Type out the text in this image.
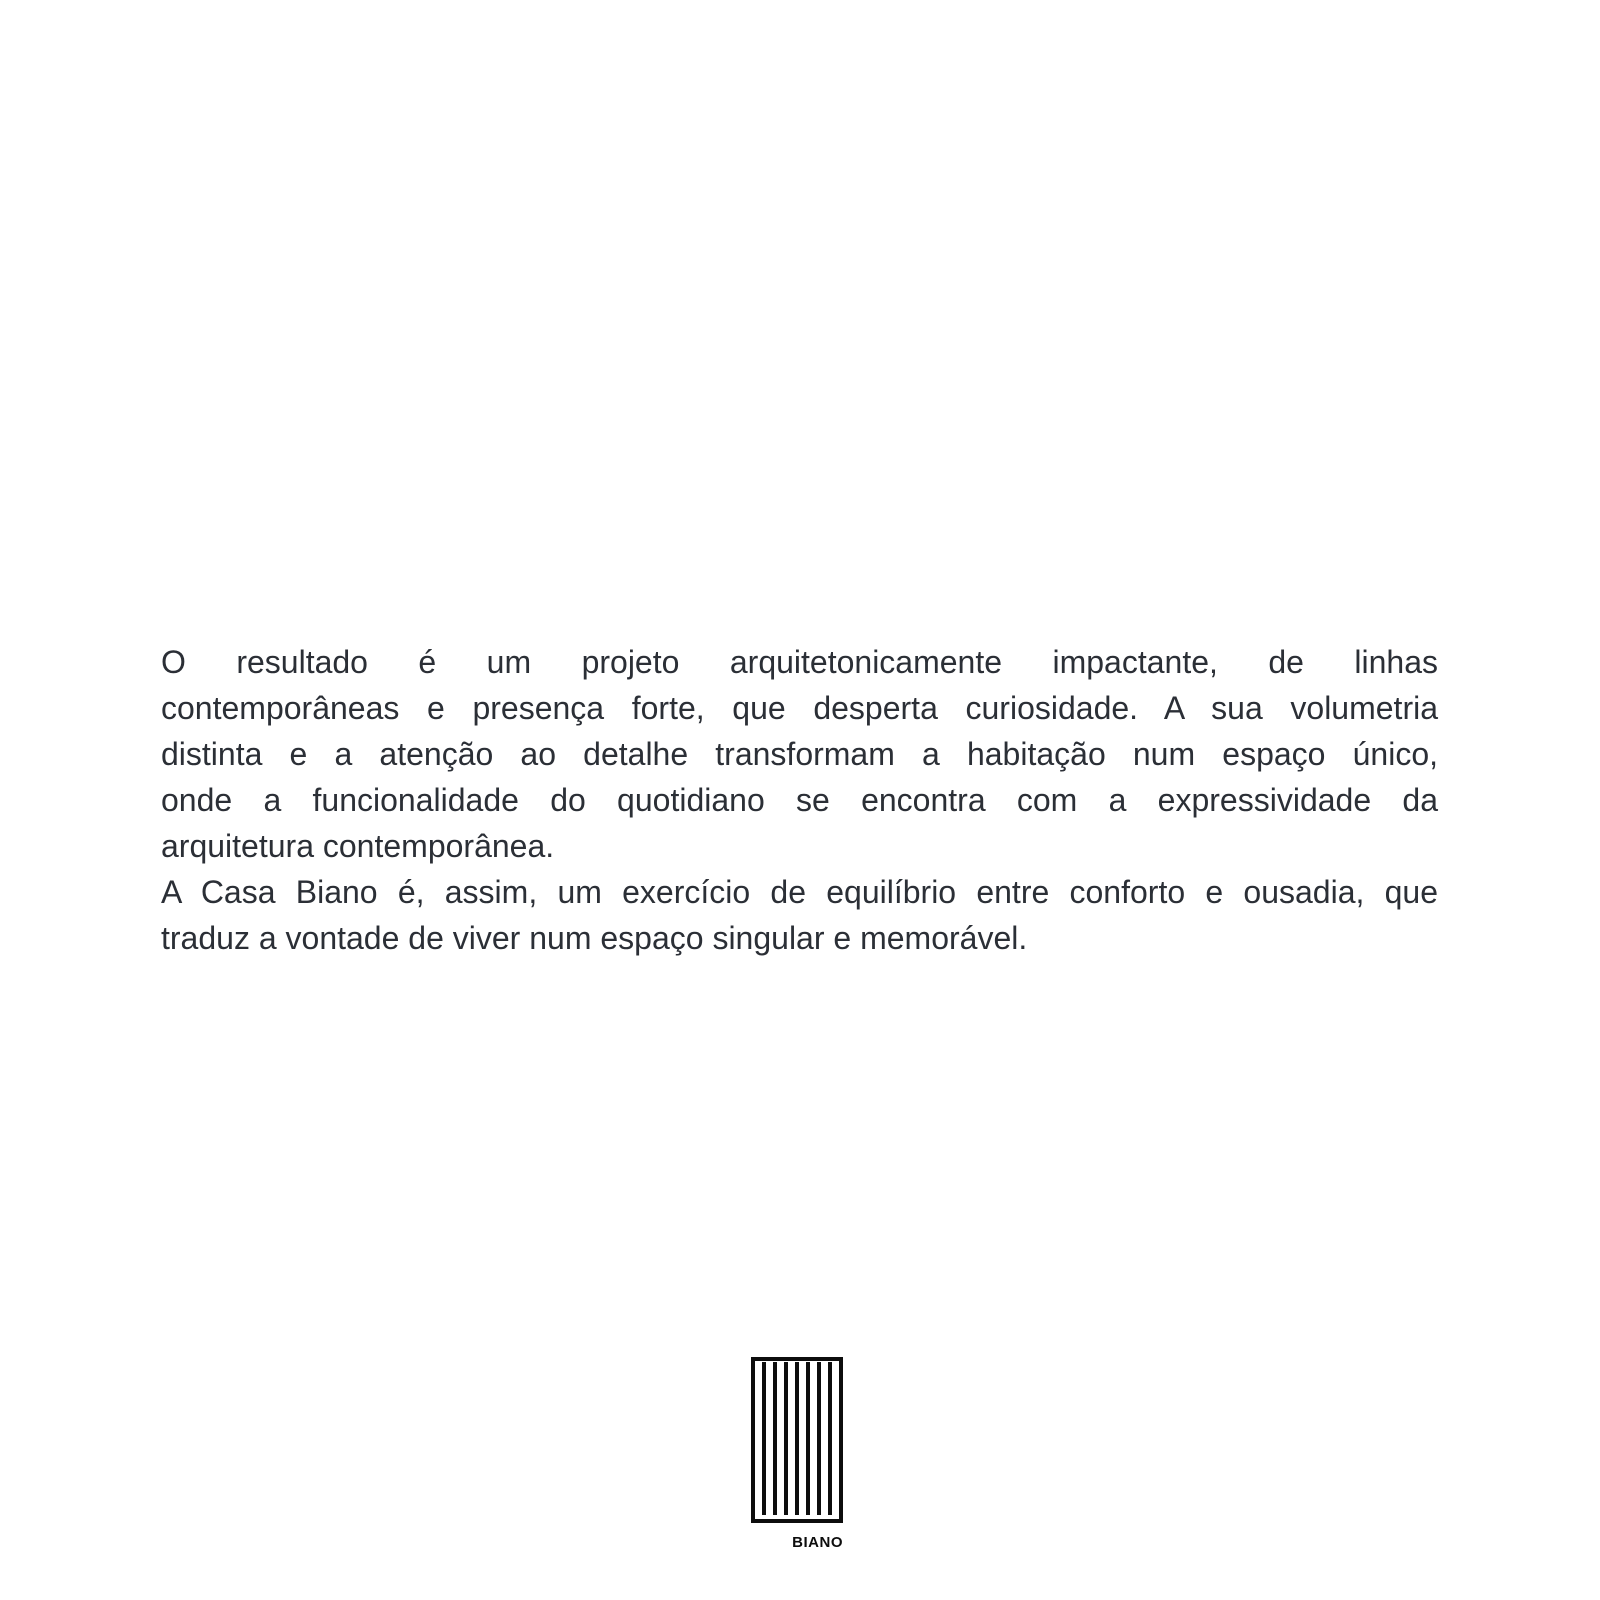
O resultado é um projeto arquitetonicamente impactante, de linhas
contemporâneas e presença forte, que desperta curiosidade. A sua volumetria
distinta e a atenção ao detalhe transformam a habitação num espaço único,
onde a funcionalidade do quotidiano se encontra com a expressividade da
arquitetura contemporânea.

A Casa Biano é, assim, um exercício de equilíbrio entre conforto e ousadia, que
traduz a vontade de viver num espaço singular e memorável.

BIANO
